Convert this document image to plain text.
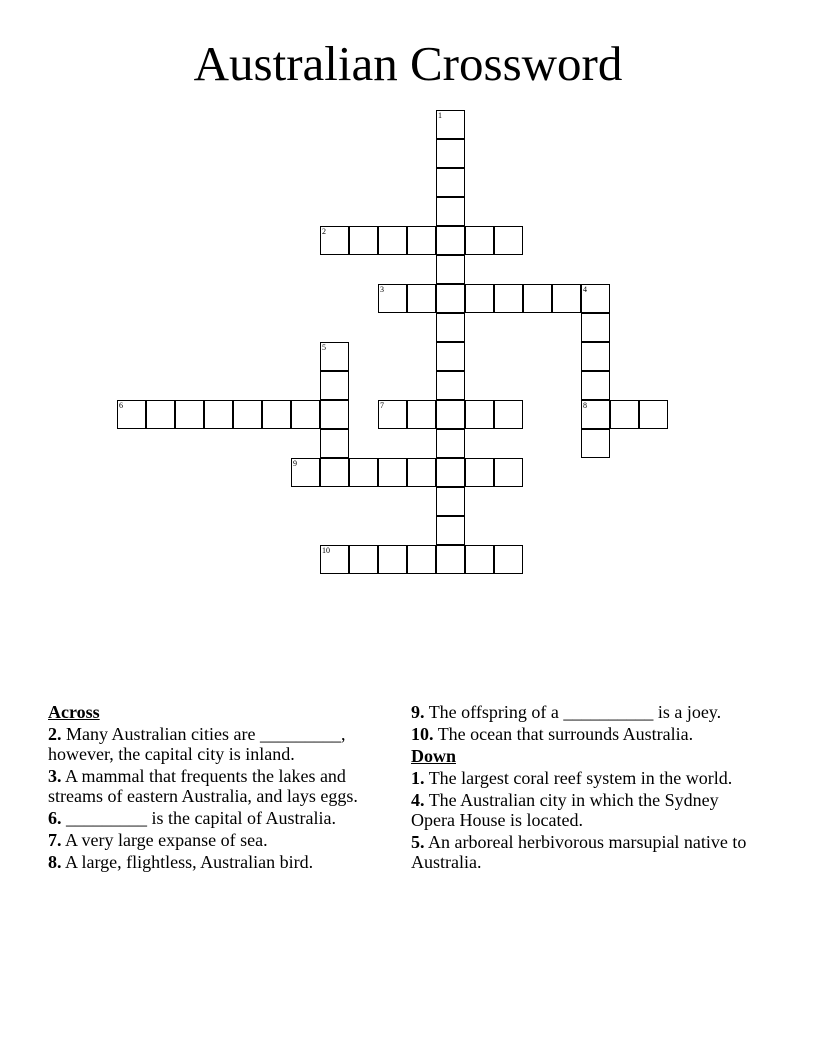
Australian Crossword
1
2
3	4
8
5
6	7
9
10
Across
2. Many Australian cities are _________, however, the capital city is inland.
3. A mammal that frequents the lakes and streams of eastern Australia, and lays eggs.
6. _________ is the capital of Australia.
7. A very large expanse of sea.
8. A large, flightless, Australian bird.
9. The offspring of a __________ is a joey.
10. The ocean that surrounds Australia.
Down
1. The largest coral reef system in the world.
4. The Australian city in which the Sydney Opera House is located.
5. An arboreal herbivorous marsupial native to Australia.
